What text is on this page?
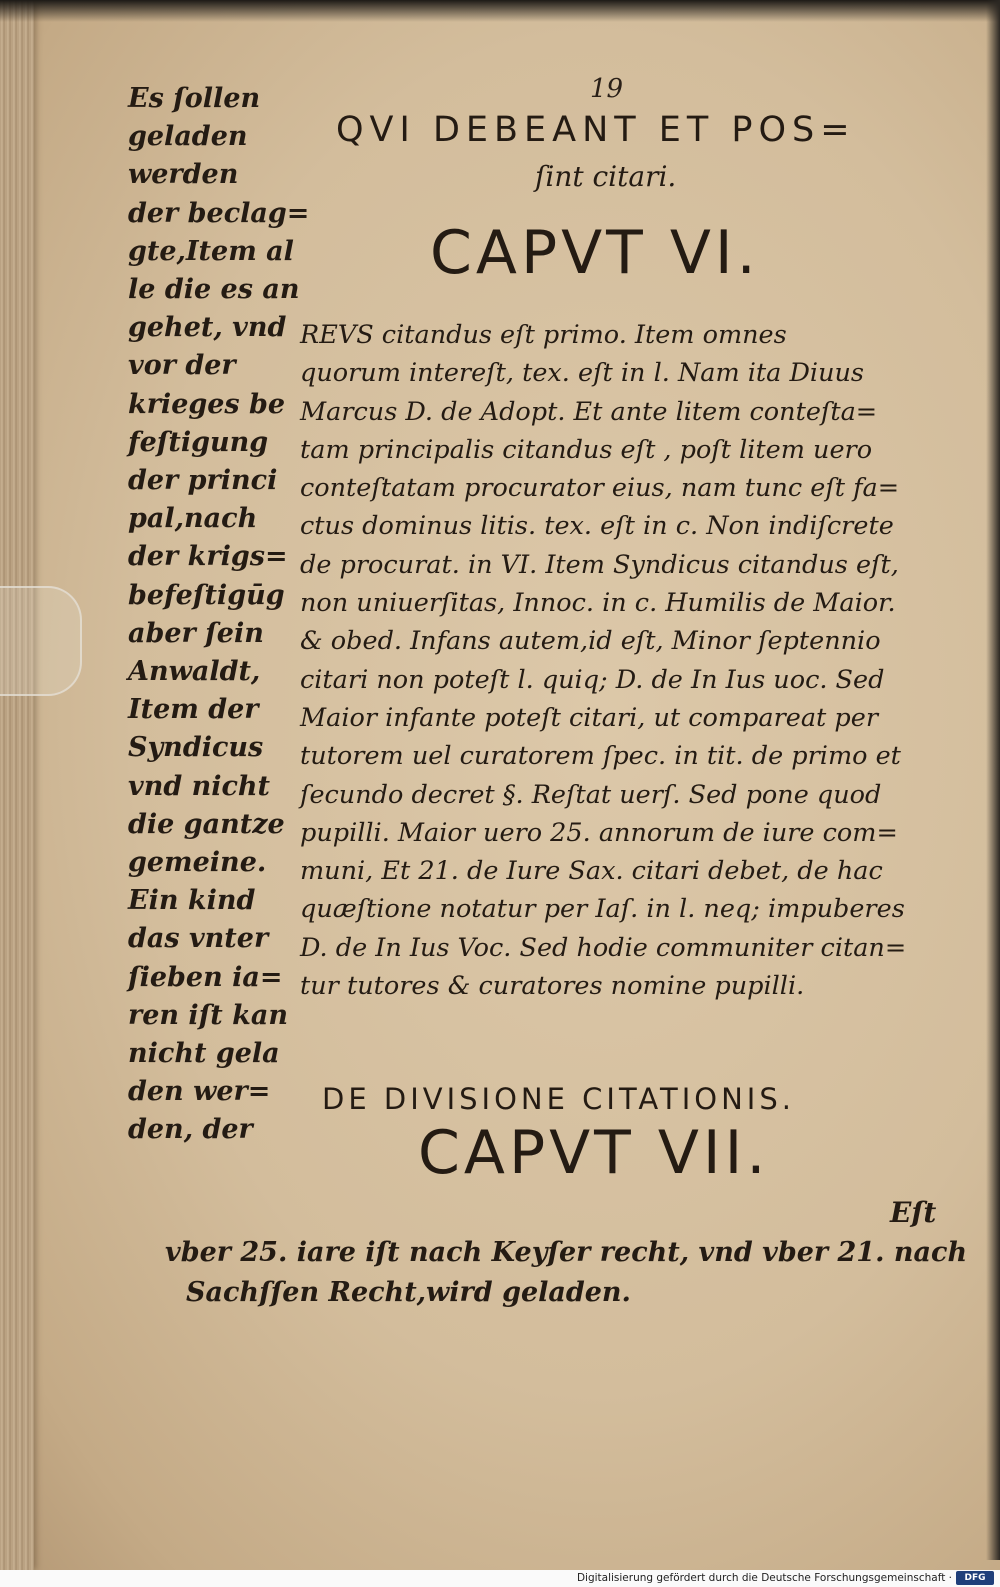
19
Es ſollen
geladen
werden
der beclag=
gte,Item al
le die es an
gehet, vnd
vor der
krieges be
feſtigung
der princi
pal,nach
der krigs=
befeſtigūg
aber ſein
Anwaldt,
Item der
Syndicus
vnd nicht
die gantze
gemeine.
Ein kind
das vnter
ſieben ia=
ren iſt kan
nicht gela
den wer=
den, der
vber 25. iare iſt nach Keyſer recht, vnd vber 21. nach
Sachſſen Recht,wird geladen.
QVI DEBEANT ET POS=
ſint citari.
CAPVT VI.
REVS citandus eſt primo. Item omnes
quorum intereſt, tex. eſt in l. Nam ita Diuus
Marcus D. de Adopt. Et ante litem conteſta=
tam principalis citandus eſt , poſt litem uero
conteſtatam procurator eius, nam tunc eſt fa=
ctus dominus litis. tex. eſt in c. Non indiſcrete
de procurat. in VI. Item Syndicus citandus eſt,
non uniuerſitas, Innoc. in c. Humilis de Maior.
& obed. Infans autem,id eſt, Minor ſeptennio
citari non poteſt l. quiq; D. de In Ius uoc. Sed
Maior infante poteſt citari, ut compareat per
tutorem uel curatorem ſpec. in tit. de primo et
ſecundo decret §. Reſtat uerſ. Sed pone quod
pupilli. Maior uero 25. annorum de iure com=
muni, Et 21. de Iure Sax. citari debet, de hac
quæſtione notatur per Iaſ. in l. neq; impuberes
D. de In Ius Voc. Sed hodie communiter citan=
tur tutores & curatores nomine pupilli.
DE DIVISIONE CITATIONIS.
CAPVT VII.
Eſt
Digitalisierung gefördert durch die Deutsche Forschungsgemeinschaft ·	DFG
